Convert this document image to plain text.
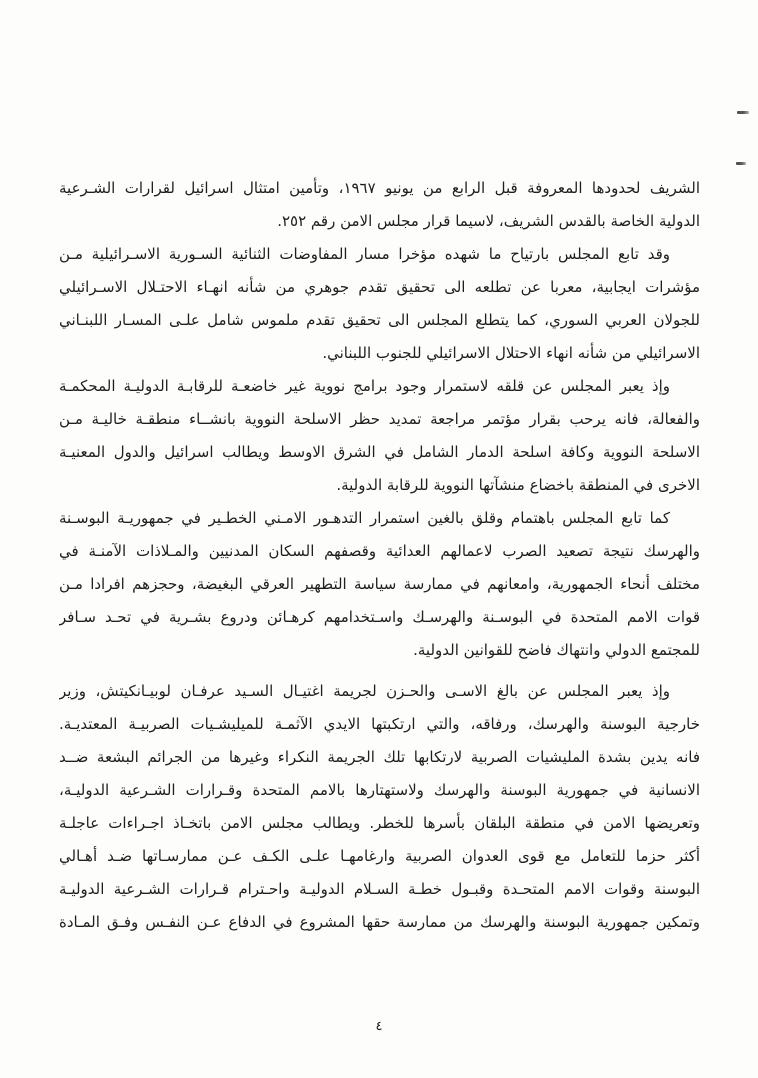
الشريف لحدودها المعروفة قبل الرابع من يونيو ١٩٦٧، وتأمين امتثال اسرائيل لقرارات الشـرعية
الدولية الخاصة بالقدس الشريف، لاسيما قرار مجلس الامن رقم ٢٥٢.
وقد تابع المجلس بارتياح ما شهده مؤخرا مسار المفاوضات الثنائية السـورية الاسـرائيلية مـن
مؤشرات ايجابية، معربا عن تطلعه الى تحقيق تقدم جوهري من شأنه انهـاء الاحتـلال الاسـرائيلي
للجولان العربي السوري، كما يتطلع المجلس الى تحقيق تقدم ملموس شامل علـى المسـار اللبنـاني
الاسرائيلي من شأنه انهاء الاحتلال الاسرائيلي للجنوب اللبناني.
وإذ يعبر المجلس عن قلقه لاستمرار وجود برامج نووية غير خاضعـة للرقابـة الدوليـة المحكمـة
والفعالة، فانه يرحب بقرار مؤتمر مراجعة تمديد حظر الاسلحة النووية بانشــاء منطقـة خاليـة مـن
الاسلحة النووية وكافة اسلحة الدمار الشامل في الشرق الاوسط ويطالب اسرائيل والدول المعنيـة
الاخرى في المنطقة باخضاع منشآتها النووية للرقابة الدولية.
كما تابع المجلس باهتمام وقلق بالغين استمرار التدهـور الامـني الخطـير في جمهوريـة البوسـنة
والهرسك نتيجة تصعيد الصرب لاعمالهم العدائية وقصفهم السكان المدنيين والمـلاذات الآمنـة في
مختلف أنحاء الجمهورية، وامعانهم في ممارسة سياسة التطهير العرقي البغيضة، وحجزهم افرادا مـن
قوات الامم المتحدة في البوسـنة والهرسـك واسـتخدامهم كرهـائن ودروع بشـرية في تحـد سـافر
للمجتمع الدولي وانتهاك فاضح للقوانين الدولية.
وإذ يعبر المجلس عن بالغ الاسـى والحـزن لجريمة اغتيـال السـيد عرفـان لوبيـانكيتش، وزير
خارجية البوسنة والهرسك، ورفاقه، والتي ارتكبتها الايدي الآثمـة للميليشـيات الصربيـة المعتديـة.
فانه يدين بشدة المليشيات الصربية لارتكابها تلك الجريمة النكراء وغيرها من الجرائم البشعة ضــد
الانسانية في جمهورية البوسنة والهرسك ولاستهتارها بالامم المتحدة وقـرارات الشـرعية الدوليـة،
وتعريضها الامن في منطقة البلقان بأسرها للخطر. ويطالب مجلس الامن باتخـاذ اجـراءات عاجلـة
أكثر حزما للتعامل مع قوى العدوان الصربية وارغامهـا علـى الكـف عـن ممارسـاتها ضـد أهـالي
البوسنة وقوات الامم المتحـدة وقبـول خطـة السـلام الدوليـة واحـترام قـرارات الشـرعية الدوليـة
وتمكين جمهورية البوسنة والهرسك من ممارسة حقها المشروع في الدفاع عـن النفـس وفـق المـادة
٤
